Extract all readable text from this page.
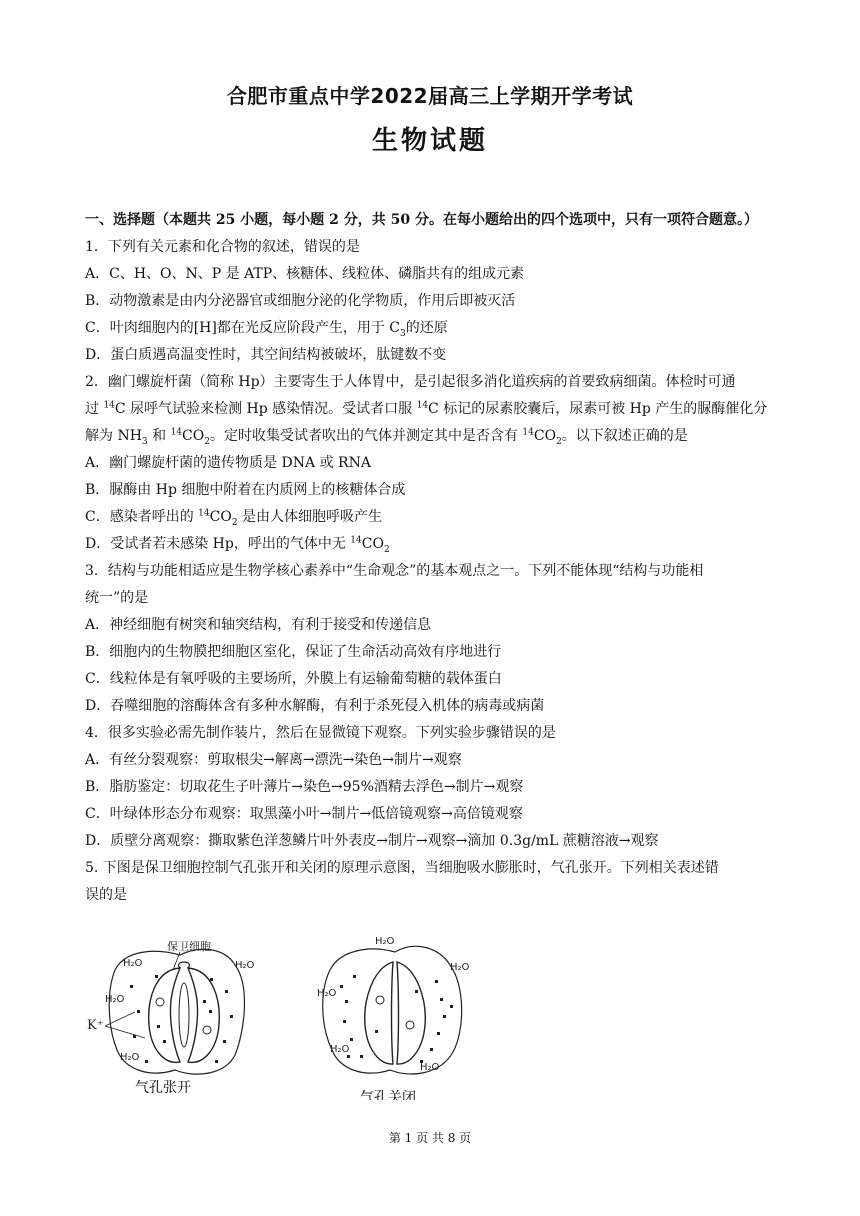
合肥市重点中学2022届高三上学期开学考试
生物试题
一、选择题（本题共 25 小题，每小题 2 分，共 50 分。在每小题给出的四个选项中，只有一项符合题意。）
1．下列有关元素和化合物的叙述，错误的是
A．C、H、O、N、P 是 ATP、核糖体、线粒体、磷脂共有的组成元素
B．动物激素是由内分泌器官或细胞分泌的化学物质，作用后即被灭活
C．叶肉细胞内的[H]都在光反应阶段产生，用于 $C_3$的还原
D．蛋白质遇高温变性时，其空间结构被破坏，肽键数不变
2．幽门螺旋杆菌（简称 Hp）主要寄生于人体胃中，是引起很多消化道疾病的首要致病细菌。体检时可通
过 $^{14}$C 尿呼气试验来检测 Hp 感染情况。受试者口服 $^{14}$C 标记的尿素胶囊后，尿素可被 Hp 产生的脲酶催化分
解为 $NH_3$ 和 $^{14}CO_2$。定时收集受试者吹出的气体并测定其中是否含有 $^{14}CO_2$。以下叙述正确的是
A．幽门螺旋杆菌的遗传物质是 DNA 或 RNA
B．脲酶由 Hp 细胞中附着在内质网上的核糖体合成
C．感染者呼出的 $^{14}CO_2$ 是由人体细胞呼吸产生
D．受试者若未感染 Hp，呼出的气体中无 $^{14}CO_2$
3．结构与功能相适应是生物学核心素养中“生命观念”的基本观点之一。下列不能体现“结构与功能相
统一”的是
A．神经细胞有树突和轴突结构，有利于接受和传递信息
B．细胞内的生物膜把细胞区室化，保证了生命活动高效有序地进行
C．线粒体是有氧呼吸的主要场所，外膜上有运输葡萄糖的载体蛋白
D．吞噬细胞的溶酶体含有多种水解酶，有利于杀死侵入机体的病毒或病菌
4．很多实验必需先制作装片，然后在显微镜下观察。下列实验步骤错误的是
A．有丝分裂观察：剪取根尖→解离→漂洗→染色→制片→观察
B．脂肪鉴定：切取花生子叶薄片→染色→95%酒精去浮色→制片→观察
C．叶绿体形态分布观察：取黑藻小叶→制片→低倍镜观察→高倍镜观察
D．质壁分离观察：撕取紫色洋葱鳞片叶外表皮→制片→观察→滴加 0.3g/mL 蔗糖溶液→观察
5. 下图是保卫细胞控制气孔张开和关闭的原理示意图，当细胞吸水膨胀时，气孔张开。下列相关表述错
误的是
H₂O
H₂O
H₂O
H₂O
保卫细胞
K⁺
气孔张开
H₂O
H₂O
H₂O
H₂O
H₂O
气孔关闭
第 1 页 共 8 页
